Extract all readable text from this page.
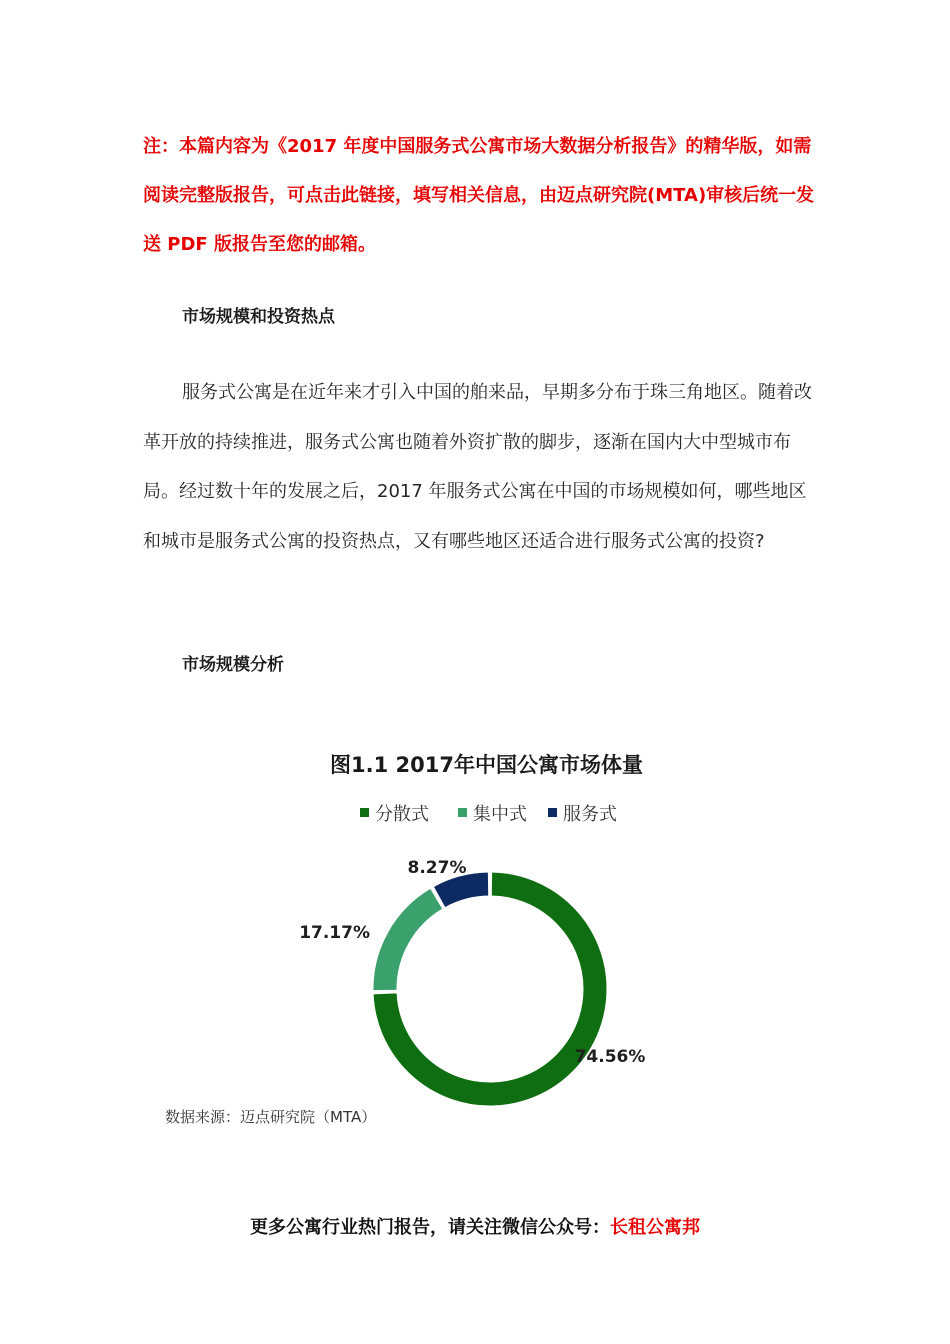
注：本篇内容为《2017 年度中国服务式公寓市场大数据分析报告》的精华版，如需阅读完整版报告，可点击此链接，填写相关信息，由迈点研究院(MTA)审核后统一发送 PDF 版报告至您的邮箱。

市场规模和投资热点

服务式公寓是在近年来才引入中国的舶来品，早期多分布于珠三角地区。随着改革开放的持续推进，服务式公寓也随着外资扩散的脚步，逐渐在国内大中型城市布局。经过数十年的发展之后，2017 年服务式公寓在中国的市场规模如何，哪些地区和城市是服务式公寓的投资热点，又有哪些地区还适合进行服务式公寓的投资?

市场规模分析
图1.1 2017年中国公寓市场体量
分散式 集中式 服务式
74.56%
17.17%
8.27%
数据来源：迈点研究院（MTA）

更多公寓行业热门报告，请关注微信公众号：长租公寓邦
